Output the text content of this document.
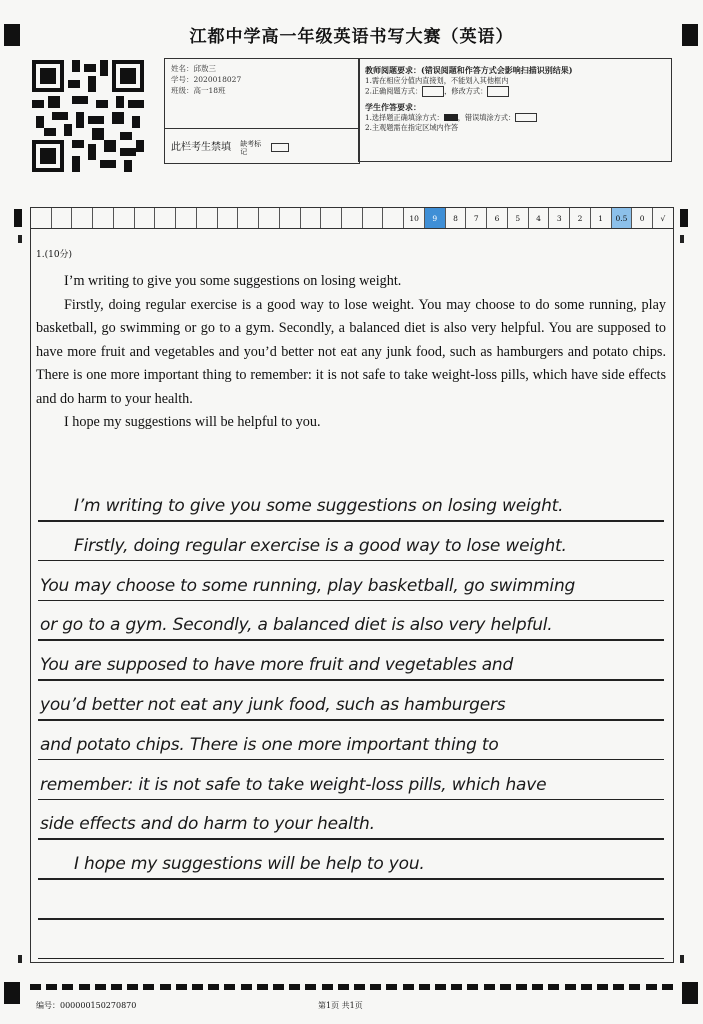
江都中学高一年级英语书写大赛（英语）
姓名：邱敖三
学号：2020018027
班级：高一18班
此栏考生禁填 缺考标记
教师阅题要求：(错误阅题和作答方式会影响扫描识别结果)
1.需在相应分值内直接划，不能划入其他框内
2.正确阅题方式：	，修改方式：
学生作答要求：
1.选择题正确填涂方式： ，错误填涂方式：
2.主观题需在指定区域内作答
10	9	8	7	6	5	4	3	2	1	0.5	0	√
1.(10分)

I’m writing to give you some suggestions on losing weight.

Firstly, doing regular exercise is a good way to lose weight. You may choose to do some running, play basketball, go swimming or go to a gym. Secondly, a balanced diet is also very helpful. You are supposed to have more fruit and vegetables and you’d better not eat any junk food, such as hamburgers and potato chips. There is one more important thing to remember: it is not safe to take weight-loss pills, which have side effects and do harm to your health.

I hope my suggestions will be helpful to you.

I’m writing to give you some suggestions on losing weight.
Firstly, doing regular exercise is a good way to lose weight.
You may choose to some running, play basketball, go swimming
or go to a gym. Secondly, a balanced diet is also very helpful.
You are supposed to have more fruit and vegetables and
you’d better not eat any junk food, such as hamburgers
and potato chips. There is one more important thing to
remember: it is not safe to take weight-loss pills, which have
side effects and do harm to your health.
I hope my suggestions will be help to you.
编号：000000150270870	第1页 共1页
